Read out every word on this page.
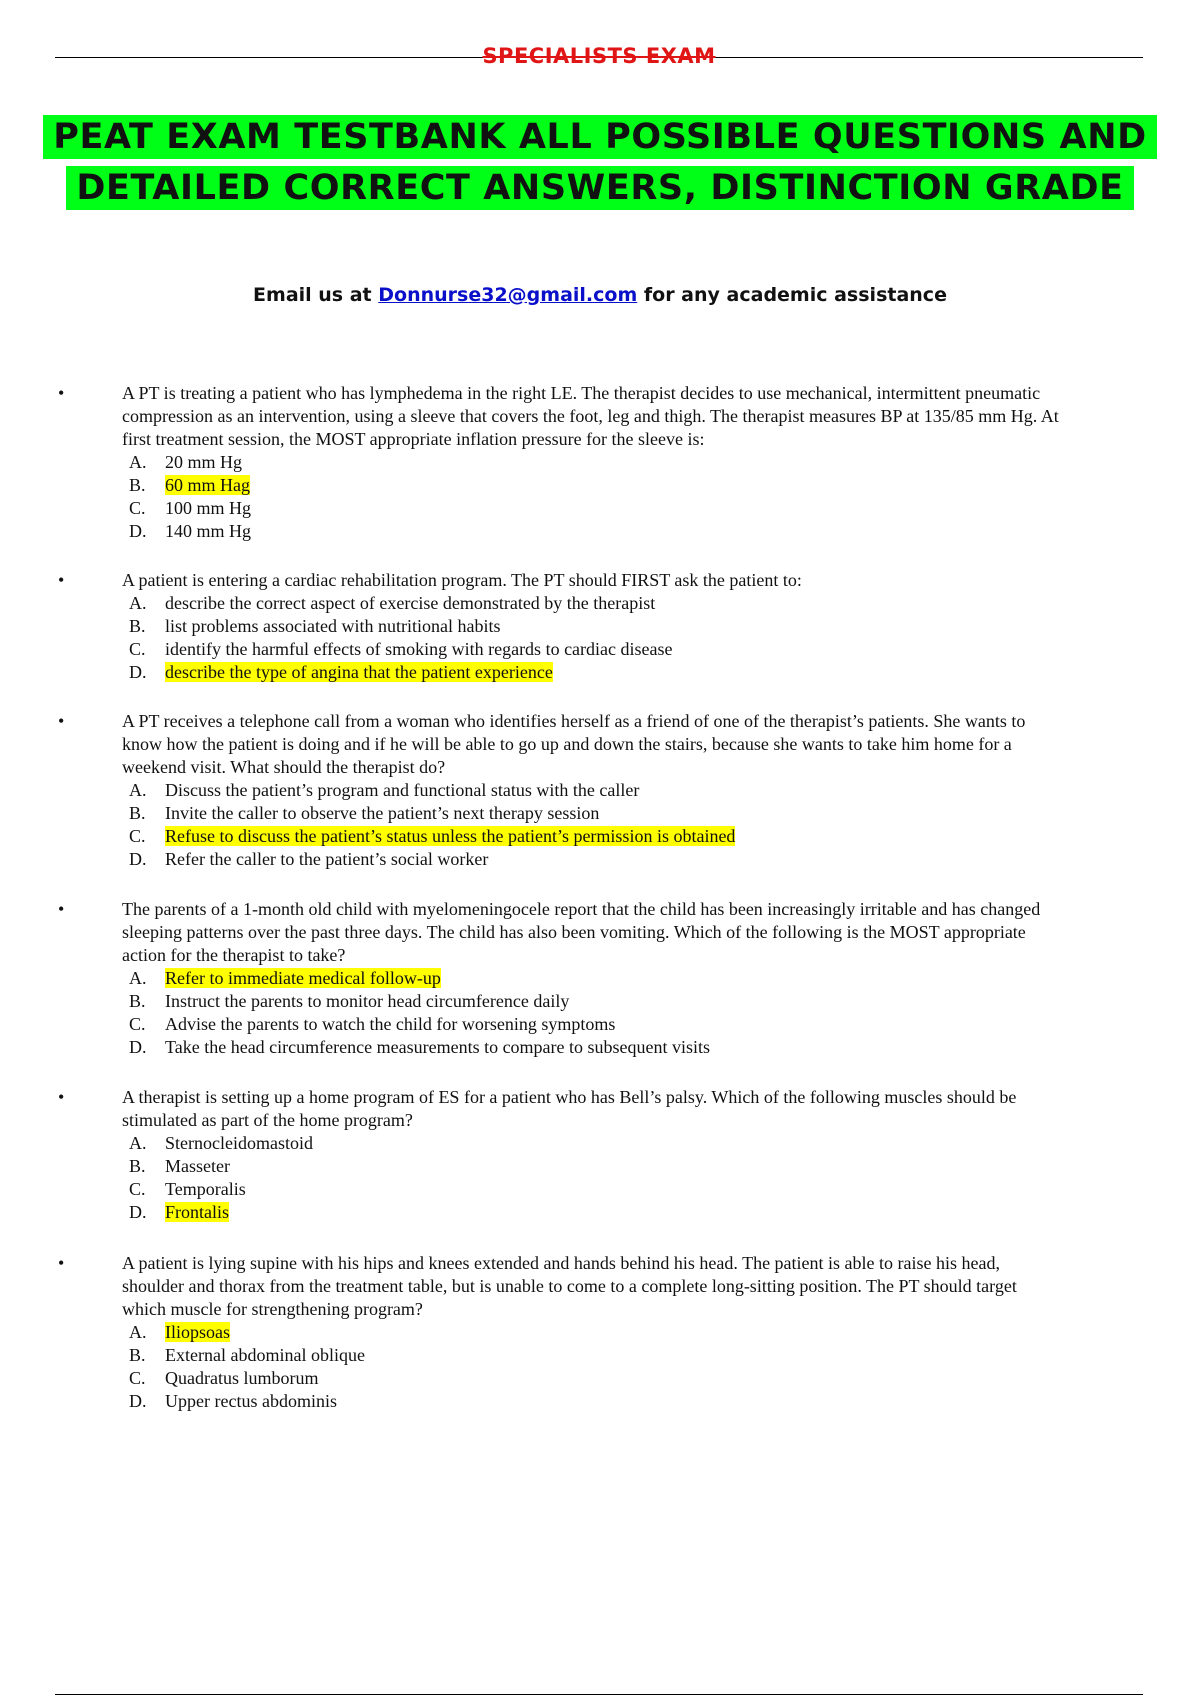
SPECIALISTS EXAM
PEAT EXAM TESTBANK ALL POSSIBLE QUESTIONS AND
DETAILED CORRECT ANSWERS, DISTINCTION GRADE
Email us at Donnurse32@gmail.com for any academic assistance
•	A PT is treating a patient who has lymphedema in the right LE. The therapist decides to use mechanical, intermittent pneumatic compression as an intervention, using a sleeve that covers the foot, leg and thigh. The therapist measures BP at 135/85 mm Hg. At first treatment session, the MOST appropriate inflation pressure for the sleeve is:
A. 20 mm Hg
B. 60 mm Hag
C. 100 mm Hg
D. 140 mm Hg
•	A patient is entering a cardiac rehabilitation program. The PT should FIRST ask the patient to:
A. describe the correct aspect of exercise demonstrated by the therapist
B. list problems associated with nutritional habits
C. identify the harmful effects of smoking with regards to cardiac disease
D. describe the type of angina that the patient experience
•	A PT receives a telephone call from a woman who identifies herself as a friend of one of the therapist’s patients. She wants to know how the patient is doing and if he will be able to go up and down the stairs, because she wants to take him home for a weekend visit. What should the therapist do?
A. Discuss the patient’s program and functional status with the caller
B. Invite the caller to observe the patient’s next therapy session
C. Refuse to discuss the patient’s status unless the patient’s permission is obtained
D. Refer the caller to the patient’s social worker
•	The parents of a 1-month old child with myelomeningocele report that the child has been increasingly irritable and has changed sleeping patterns over the past three days. The child has also been vomiting. Which of the following is the MOST appropriate action for the therapist to take?
A. Refer to immediate medical follow-up
B. Instruct the parents to monitor head circumference daily
C. Advise the parents to watch the child for worsening symptoms
D. Take the head circumference measurements to compare to subsequent visits
•	A therapist is setting up a home program of ES for a patient who has Bell’s palsy. Which of the following muscles should be stimulated as part of the home program?
A. Sternocleidomastoid
B. Masseter
C. Temporalis
D. Frontalis
•	A patient is lying supine with his hips and knees extended and hands behind his head. The patient is able to raise his head, shoulder and thorax from the treatment table, but is unable to come to a complete long-sitting position. The PT should target which muscle for strengthening program?
A. Iliopsoas
B. External abdominal oblique
C. Quadratus lumborum
D. Upper rectus abdominis
